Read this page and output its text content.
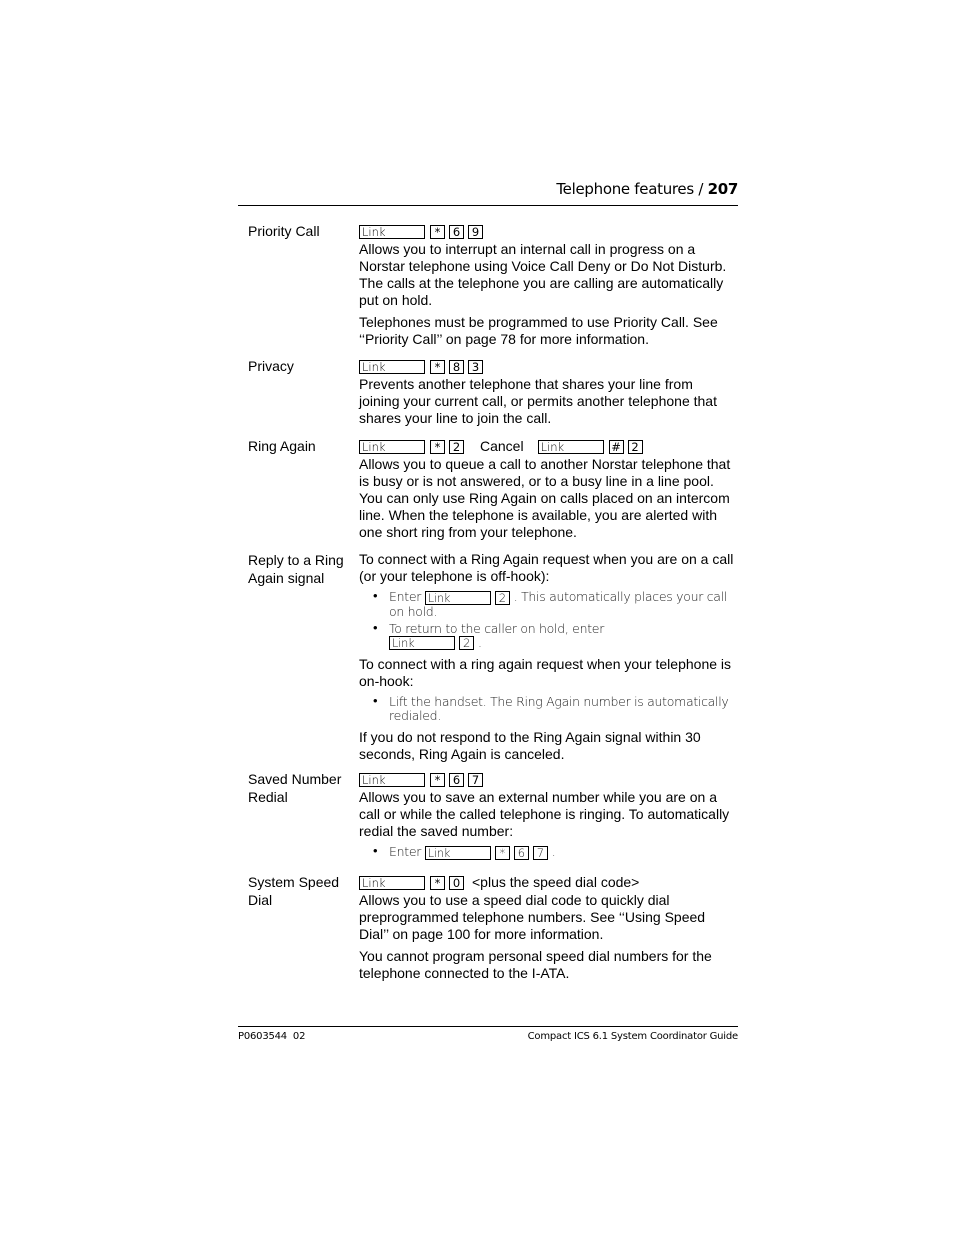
Telephone features / 207
Priority Call	Link	*	6	9

Allows you to interrupt an internal call in progress on a Norstar telephone using Voice Call Deny or Do Not Disturb. The calls at the telephone you are calling are automatically put on hold.

Telephones must be programmed to use Priority Call. See ‘‘Priority Call’’ on page 78 for more information.

Privacy	Link	*	8	3

Prevents another telephone that shares your line from joining your current call, or permits another telephone that shares your line to join the call.

Ring Again	Link	*	2 Cancel Link	# 2

Allows you to queue a call to another Norstar telephone that is busy or is not answered, or to a busy line in a line pool. You can only use Ring Again on calls placed on an intercom line. When the telephone is available, you are alerted with one short ring from your telephone.

Reply to a Ring Again signal

To connect with a Ring Again request when you are on a call (or your telephone is off-hook):

• Enter Link	2 . This automatically places your call on hold.
• To return to the caller on hold, enter

Link	2 .

To connect with a ring again request when your telephone is on-hook:

• Lift the handset. The Ring Again number is automatically redialed.

If you do not respond to the Ring Again signal within 30 seconds, Ring Again is canceled.

Saved Number Redial
Link	*	6	7

Allows you to save an external number while you are on a call or while the called telephone is ringing. To automatically redial the saved number:

• Enter Link	*	6	7 .
System Speed Dial
Link	*	0 <plus the speed dial code>

Allows you to use a speed dial code to quickly dial preprogrammed telephone numbers. See ‘‘Using Speed Dial’’ on page 100 for more information.

You cannot program personal speed dial numbers for the telephone connected to the I-ATA.

P0603544  02	Compact ICS 6.1 System Coordinator Guide
